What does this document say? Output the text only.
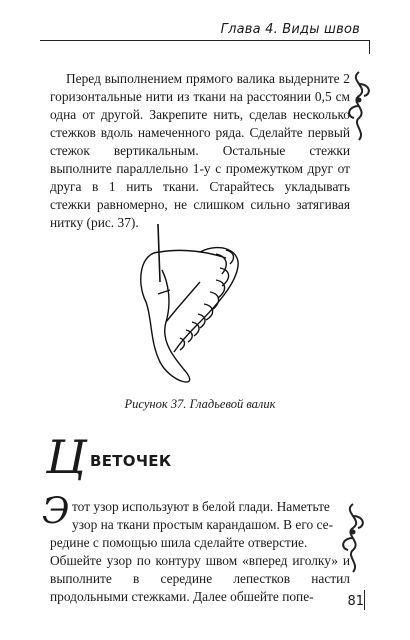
Глава 4. Виды швов

Перед выполнением прямого валика выдерните 2 горизонтальные нити из ткани на расстоянии 0,5 см одна от другой. Закрепите нить, сделав несколько стежков вдоль намеченного ряда. Сделайте первый стежок вертикальным. Остальные стежки выполните параллельно 1-у с промежутком друг от друга в 1 нить ткани. Старайтесь укладывать стежки равномерно, не слишком сильно затягивая нитку (рис. 37).

Рисунок 37. Гладьевой валик
Ц ВЕТОЧЕК
Э тот узор используют в белой глади. Наметьте
узор на ткани простым карандашом. В его се-
редине с помощью шила сделайте отверстие.
Обшейте узор по контуру швом «вперед иголку» и выполните в середине лепестков настил продольными стежками. Далее обшейте попе-	81
